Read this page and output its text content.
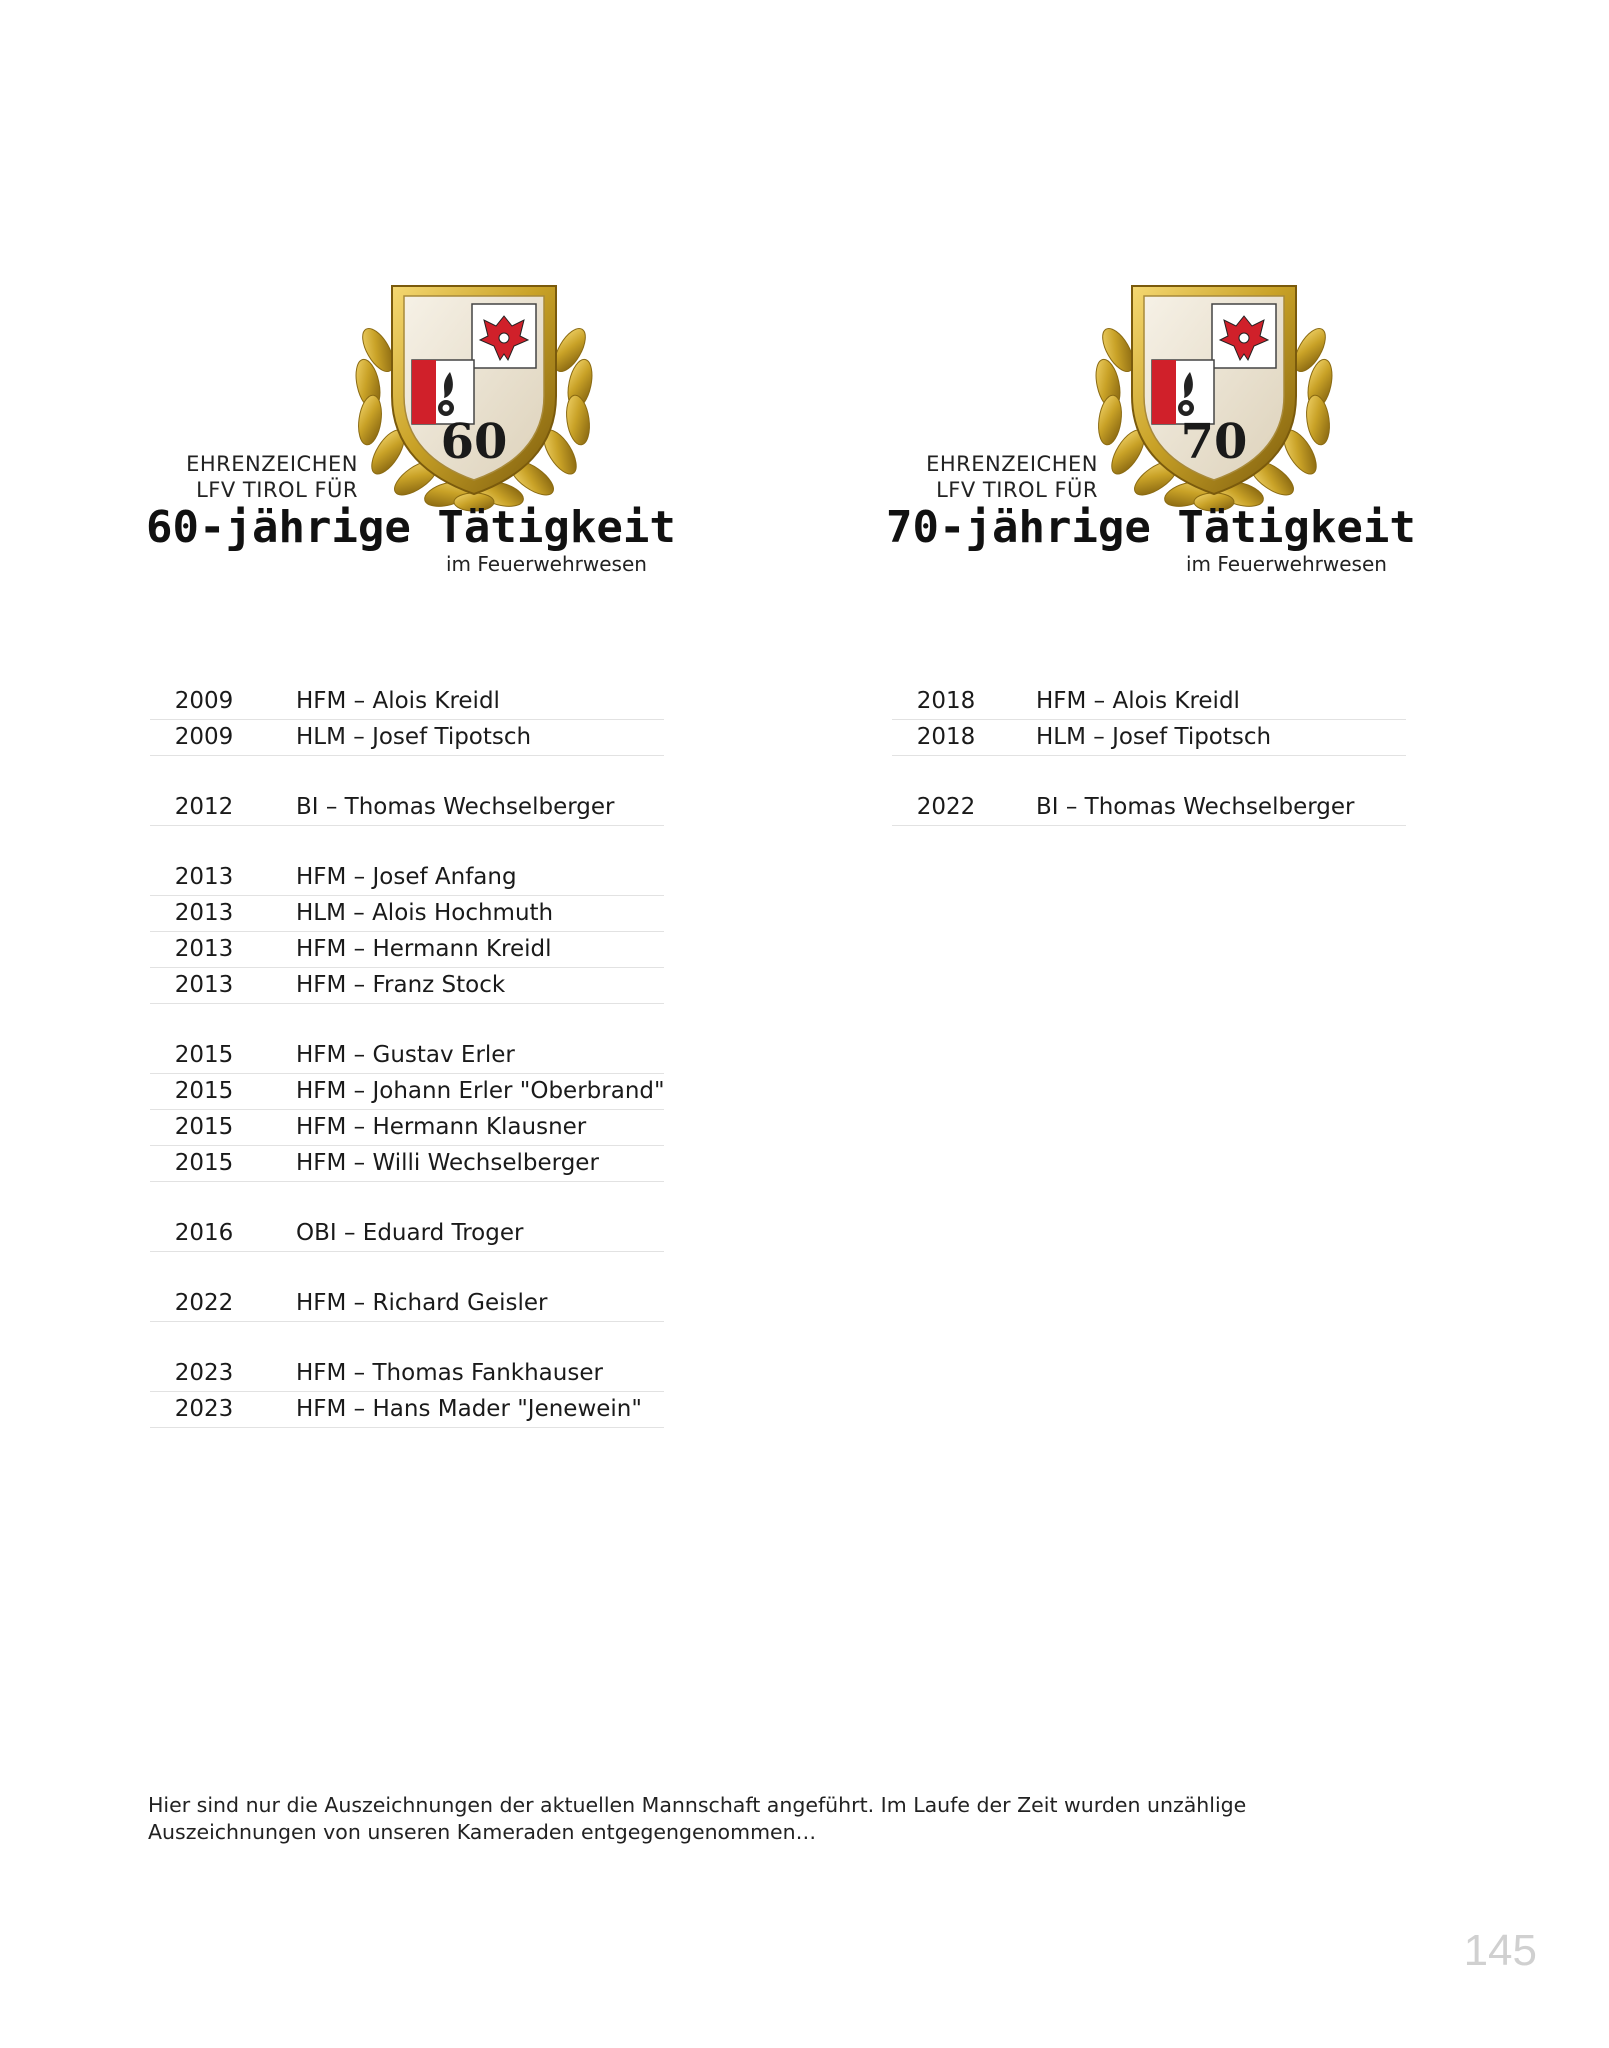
60
EHRENZEICHEN
LFV TIROL FÜR
60-jährige Tätigkeit
im Feuerwehrwesen
70
EHRENZEICHEN
LFV TIROL FÜR
70-jährige Tätigkeit
im Feuerwehrwesen
2009	HFM – Alois Kreidl
2009	HLM – Josef Tipotsch
2012	BI – Thomas Wechselberger
2013	HFM – Josef Anfang
2013	HLM – Alois Hochmuth
2013	HFM – Hermann Kreidl
2013	HFM – Franz Stock
2015	HFM – Gustav Erler
2015	HFM – Johann Erler "Oberbrand"
2015	HFM – Hermann Klausner
2015	HFM – Willi Wechselberger
2016	OBI – Eduard Troger
2022	HFM – Richard Geisler
2023	HFM – Thomas Fankhauser
2023	HFM – Hans Mader "Jenewein"
2018	HFM – Alois Kreidl
2018	HLM – Josef Tipotsch
2022	BI – Thomas Wechselberger
Hier sind nur die Auszeichnungen der aktuellen Mannschaft angeführt. Im Laufe der Zeit wurden unzählige Auszeichnungen von unseren Kameraden entgegengenommen…
145
